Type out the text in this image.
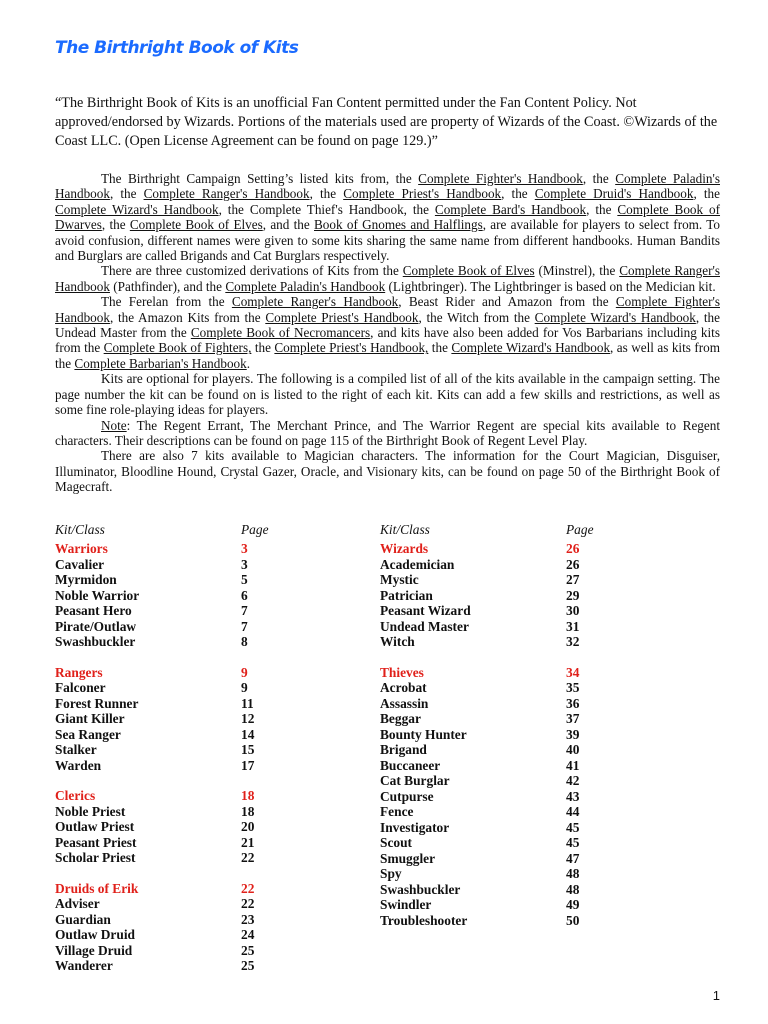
The Birthright Book of Kits
“The Birthright Book of Kits is an unofficial Fan Content permitted under the Fan Content Policy. Not approved/endorsed by Wizards. Portions of the materials used are property of Wizards of the Coast. ©Wizards of the Coast LLC. (Open License Agreement can be found on page 129.)”

The Birthright Campaign Setting’s listed kits from, the Complete Fighter's Handbook, the Complete Paladin's Handbook, the Complete Ranger's Handbook, the Complete Priest's Handbook, the Complete Druid's Handbook, the Complete Wizard's Handbook, the Complete Thief's Handbook, the Complete Bard's Handbook, the Complete Book of Dwarves, the Complete Book of Elves, and the Book of Gnomes and Halflings, are available for players to select from. To avoid confusion, different names were given to some kits sharing the same name from different handbooks. Human Bandits and Burglars are called Brigands and Cat Burglars respectively.

There are three customized derivations of Kits from the Complete Book of Elves (Minstrel), the Complete Ranger's Handbook (Pathfinder), and the Complete Paladin's Handbook (Lightbringer). The Lightbringer is based on the Medician kit.

The Ferelan from the Complete Ranger's Handbook, Beast Rider and Amazon from the Complete Fighter's Handbook, the Amazon Kits from the Complete Priest's Handbook, the Witch from the Complete Wizard's Handbook, the Undead Master from the Complete Book of Necromancers, and kits have also been added for Vos Barbarians including kits from the Complete Book of Fighters, the Complete Priest's Handbook, the Complete Wizard's Handbook, as well as kits from the Complete Barbarian's Handbook.

Kits are optional for players. The following is a compiled list of all of the kits available in the campaign setting. The page number the kit can be found on is listed to the right of each kit. Kits can add a few skills and restrictions, as well as some fine role-playing ideas for players.

Note: The Regent Errant, The Merchant Prince, and The Warrior Regent are special kits available to Regent characters. Their descriptions can be found on page 115 of the Birthright Book of Regent Level Play.

There are also 7 kits available to Magician characters. The information for the Court Magician, Disguiser, Illuminator, Bloodline Hound, Crystal Gazer, Oracle, and Visionary kits, can be found on page 50 of the Birthright Book of Magecraft.

Kit/Class	Page
Warriors	3
Cavalier	3
Myrmidon	5
Noble Warrior	6
Peasant Hero	7
Pirate/Outlaw	7
Swashbuckler	8
Rangers	9
Falconer	9
Forest Runner	11
Giant Killer	12
Sea Ranger	14
Stalker	15
Warden	17
Clerics	18
Noble Priest	18
Outlaw Priest	20
Peasant Priest	21
Scholar Priest	22
Druids of Erik	22
Adviser	22
Guardian	23
Outlaw Druid	24
Village Druid	25
Wanderer	25
Kit/Class	Page
Wizards	26
Academician	26
Mystic	27
Patrician	29
Peasant Wizard	30
Undead Master	31
Witch	32
Thieves	34
Acrobat	35
Assassin	36
Beggar	37
Bounty Hunter	39
Brigand	40
Buccaneer	41
Cat Burglar	42
Cutpurse	43
Fence	44
Investigator	45
Scout	45
Smuggler	47
Spy	48
Swashbuckler	48
Swindler	49
Troubleshooter	50
1
